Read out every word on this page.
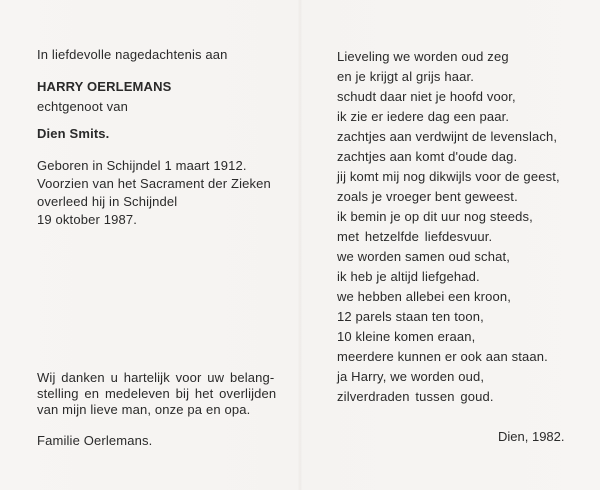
In liefdevolle nagedachtenis aan
HARRY OERLEMANS
echtgenoot van
Dien Smits.
Geboren in Schijndel 1 maart 1912.
Voorzien van het Sacrament der Zieken
overleed hij in Schijndel
19 oktober 1987.
Wij danken u hartelijk voor uw belang-
stelling en medeleven bij het overlijden
van mijn lieve man, onze pa en opa.
Familie Oerlemans.
Lieveling we worden oud zeg
en je krijgt al grijs haar.
schudt daar niet je hoofd voor,
ik zie er iedere dag een paar.
zachtjes aan verdwijnt de levenslach,
zachtjes aan komt d'oude dag.
jij komt mij nog dikwijls voor de geest,
zoals je vroeger bent geweest.
ik bemin je op dit uur nog steeds,
met hetzelfde liefdesvuur.
we worden samen oud schat,
ik heb je altijd liefgehad.
we hebben allebei een kroon,
12 parels staan ten toon,
10 kleine komen eraan,
meerdere kunnen er ook aan staan.
ja Harry, we worden oud,
zilverdraden tussen goud.
Dien, 1982.
